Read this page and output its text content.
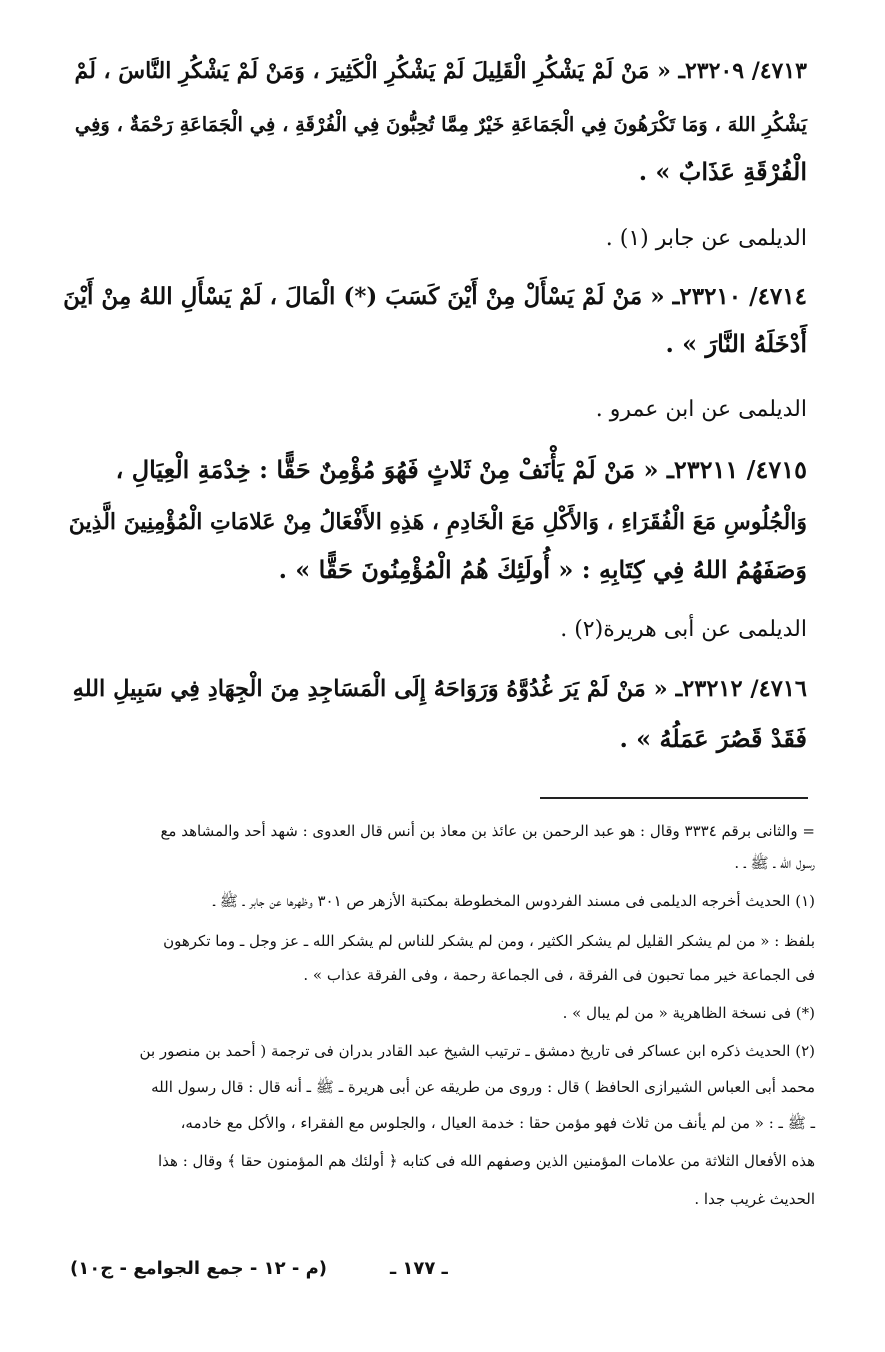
٤٧١٣/ ٢٣٢٠٩ـ « مَنْ لَمْ يَشْكُرِ الْقَلِيلَ لَمْ يَشْكُرِ الْكَثِيرَ ، وَمَنْ لَمْ يَشْكُرِ النَّاسَ ، لَمْ
يَشْكُرِ اللهَ ، وَمَا تَكْرَهُونَ فِي الْجَمَاعَةِ خَيْرٌ مِمَّا تُحِبُّونَ فِي الْفُرْقَةِ ، فِي الْجَمَاعَةِ رَحْمَةٌ ، وَفِي
الْفُرْقَةِ عَذَابٌ » .
الديلمى عن جابر (١) .
٤٧١٤/ ٢٣٢١٠ـ « مَنْ لَمْ يَسْأَلْ مِنْ أَيْنَ كَسَبَ (*) الْمَالَ ، لَمْ يَسْأَلِ اللهُ مِنْ أَيْنَ
أَدْخَلَهُ النَّارَ » .
الديلمى عن ابن عمرو .
٤٧١٥/ ٢٣٢١١ـ « مَنْ لَمْ يَأْنَفْ مِنْ ثَلاثٍ فَهُوَ مُؤْمِنٌ حَقًّا : خِدْمَةِ الْعِيَالِ ،
وَالْجُلُوسِ مَعَ الْفُقَرَاءِ ، وَالأَكْلِ مَعَ الْخَادِمِ ، هَذِهِ الأَفْعَالُ مِنْ عَلامَاتِ الْمُؤْمِنِينَ الَّذِينَ
وَصَفَهُمُ اللهُ فِي كِتَابِهِ : « أُولَئِكَ هُمُ الْمُؤْمِنُونَ حَقًّا » .
الديلمى عن أبى هريرة(٢) .
٤٧١٦/ ٢٣٢١٢ـ « مَنْ لَمْ يَرَ غُدُوَّهُ وَرَوَاحَهُ إِلَى الْمَسَاجِدِ مِنَ الْجِهَادِ فِي سَبِيلِ اللهِ
فَقَدْ قَصُرَ عَمَلُهُ » .
= والثانى برقم ٣٣٣٤ وقال : هو عبد الرحمن بن عائذ بن معاذ بن أنس قال العدوى : شهد أحد والمشاهد مع
رسول الله ـ ﷺ ـ .
(١) الحديث أخرجه الديلمى فى مسند الفردوس المخطوطة بمكتبة الأزهر ص ٣٠١ وظهرها عن جابر ـ ﷺ ـ
بلفظ : « من لم يشكر القليل لم يشكر الكثير ، ومن لم يشكر للناس لم يشكر الله ـ عز وجل ـ وما تكرهون
فى الجماعة خير مما تحبون فى الفرقة ، فى الجماعة رحمة ، وفى الفرقة عذاب » .
(*) فى نسخة الظاهرية « من لم يبال » .
(٢) الحديث ذكره ابن عساكر فى تاريخ دمشق ـ ترتيب الشيخ عبد القادر بدران فى ترجمة ( أحمد بن منصور بن
محمد أبى العباس الشيرازى الحافظ ) قال : وروى من طريقه عن أبى هريرة ـ ﷺ ـ أنه قال : قال رسول الله
ـ ﷺ ـ : « من لم يأنف من ثلاث فهو مؤمن حقا : خدمة العيال ، والجلوس مع الفقراء ، والأكل مع خادمه،
هذه الأفعال الثلاثة من علامات المؤمنين الذين وصفهم الله فى كتابه ﴿ أولئك هم المؤمنون حقا ﴾ وقال : هذا
الحديث غريب جدا .
ـ ١٧٧ ـ
(م - ١٢ - جمع الجوامع - ج١٠)
